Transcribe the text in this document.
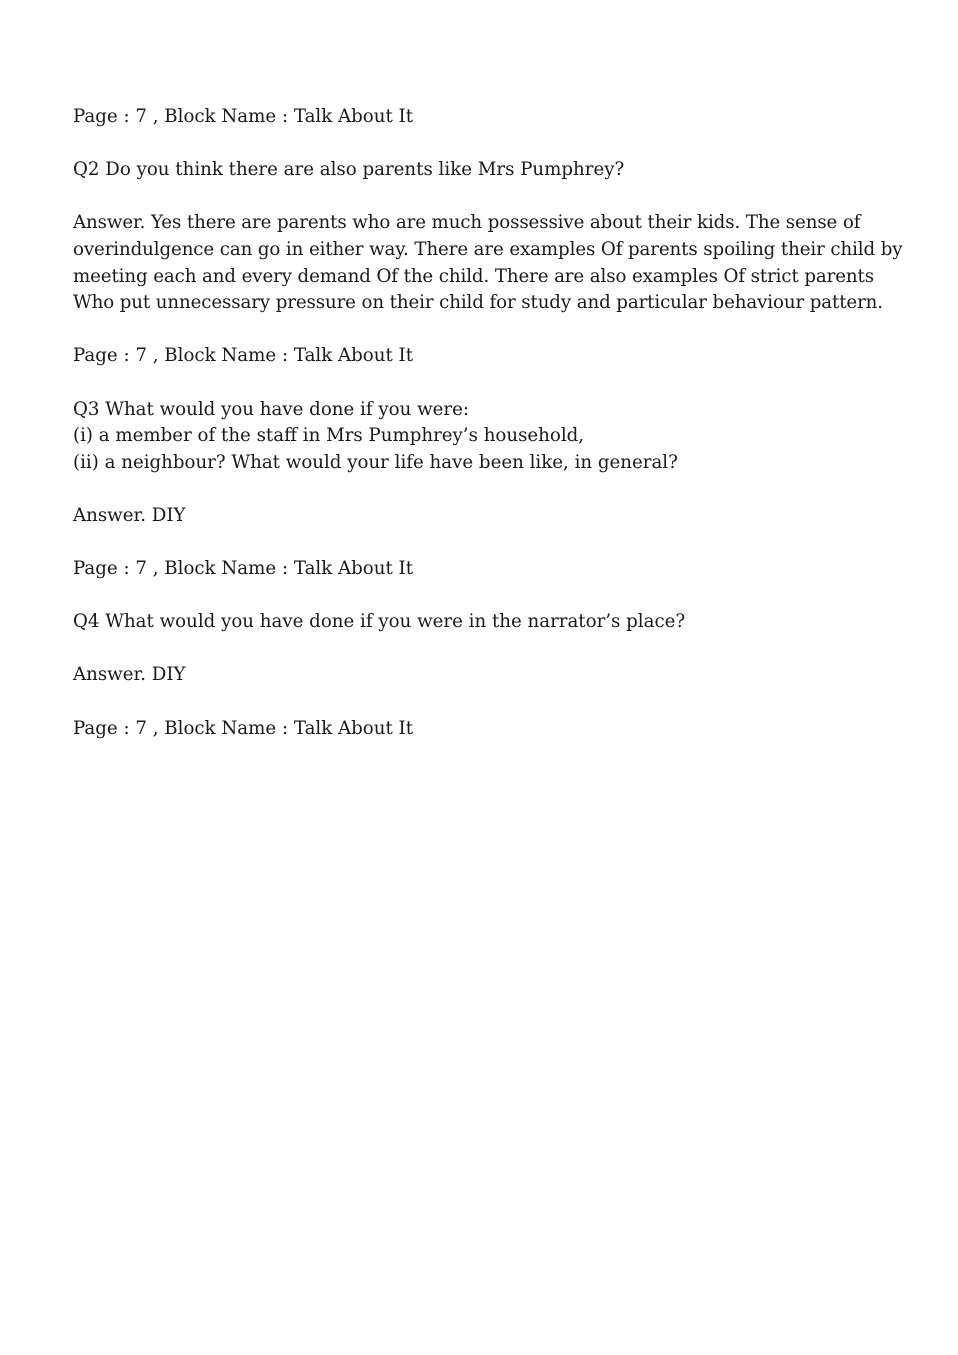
Page : 7 , Block Name : Talk About It

Q2 Do you think there are also parents like Mrs Pumphrey?

Answer. Yes there are parents who are much possessive about their kids. The sense of overindulgence can go in either way. There are examples Of parents spoiling their child by meeting each and every demand Of the child. There are also examples Of strict parents Who put unnecessary pressure on their child for study and particular behaviour pattern.

Page : 7 , Block Name : Talk About It

Q3 What would you have done if you were:
(i) a member of the staff in Mrs Pumphrey’s household,
(ii) a neighbour? What would your life have been like, in general?

Answer. DIY

Page : 7 , Block Name : Talk About It

Q4 What would you have done if you were in the narrator’s place?

Answer. DIY

Page : 7 , Block Name : Talk About It
